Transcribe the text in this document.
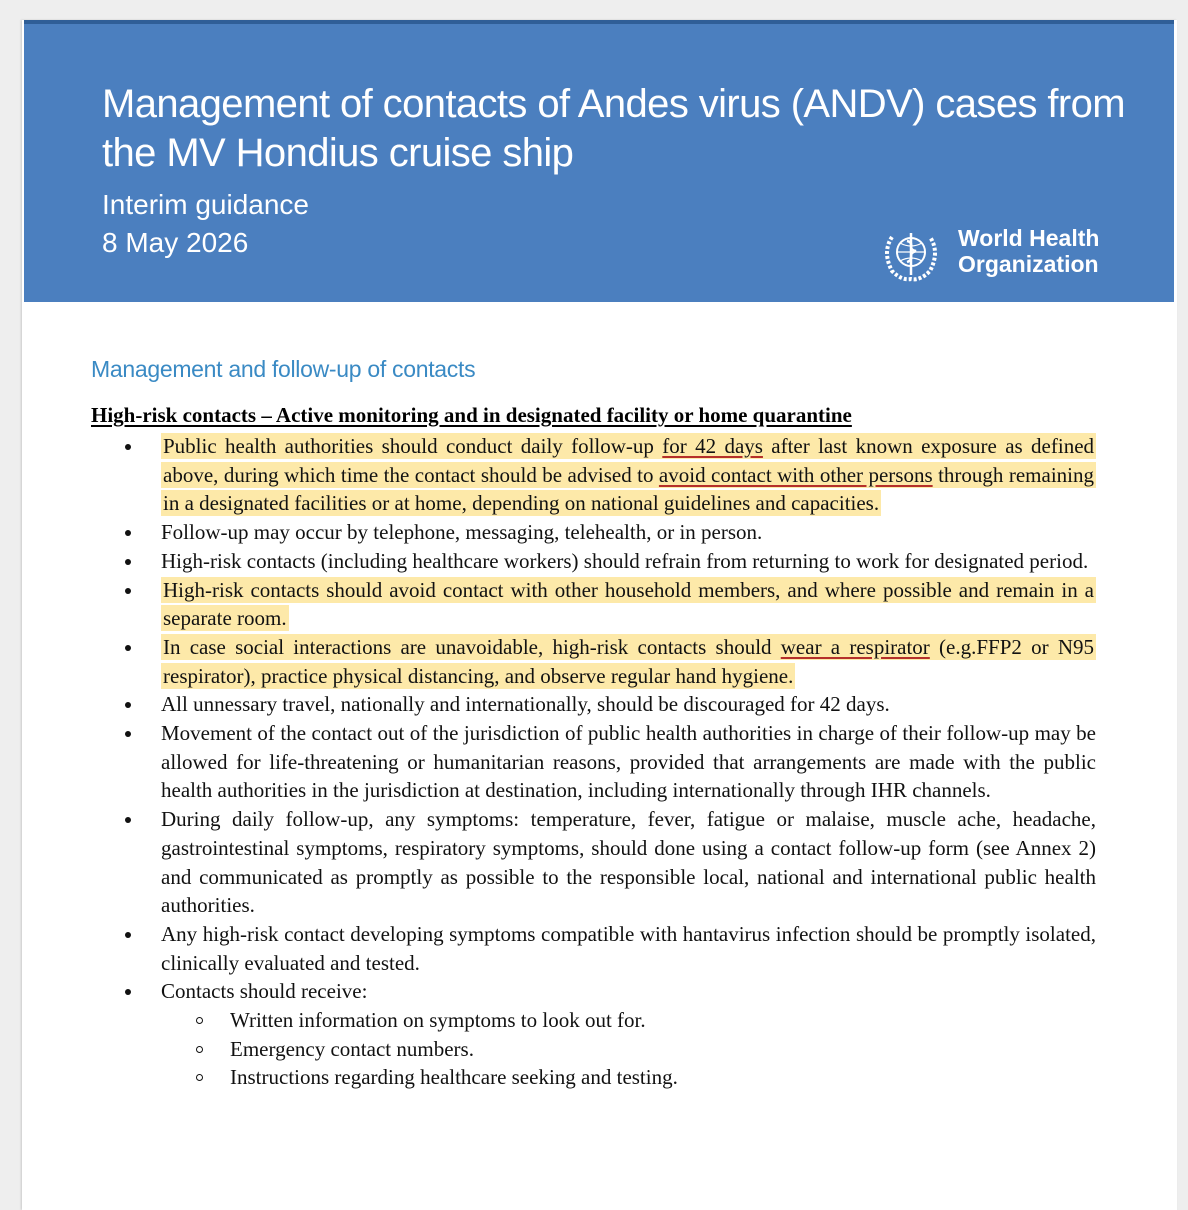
Management of contacts of Andes virus (ANDV) cases from the MV Hondius cruise ship

Interim guidance

8 May 2026	World Health
Organization
Management and follow-up of contacts
High-risk contacts – Active monitoring and in designated facility or home quarantine
Public health authorities should conduct daily follow-up for 42 days after last known exposure as defined above, during which time the contact should be advised to avoid contact with other persons through remaining in a designated facilities or at home, depending on national guidelines and capacities.
Follow-up may occur by telephone, messaging, telehealth, or in person.
High-risk contacts (including healthcare workers) should refrain from returning to work for designated period.
High-risk contacts should avoid contact with other household members, and where possible and remain in a separate room.
In case social interactions are unavoidable, high-risk contacts should wear a respirator (e.g.FFP2 or N95 respirator), practice physical distancing, and observe regular hand hygiene.
All unnessary travel, nationally and internationally, should be discouraged for 42 days.
Movement of the contact out of the jurisdiction of public health authorities in charge of their follow-up may be allowed for life-threatening or humanitarian reasons, provided that arrangements are made with the public health authorities in the jurisdiction at destination, including internationally through IHR channels.
During daily follow-up, any symptoms: temperature, fever, fatigue or malaise, muscle ache, headache, gastrointestinal symptoms, respiratory symptoms, should done using a contact follow-up form (see Annex 2) and communicated as promptly as possible to the responsible local, national and international public health authorities.
Any high-risk contact developing symptoms compatible with hantavirus infection should be promptly isolated, clinically evaluated and tested.
Contacts should receive:
Written information on symptoms to look out for.
Emergency contact numbers.
Instructions regarding healthcare seeking and testing.
